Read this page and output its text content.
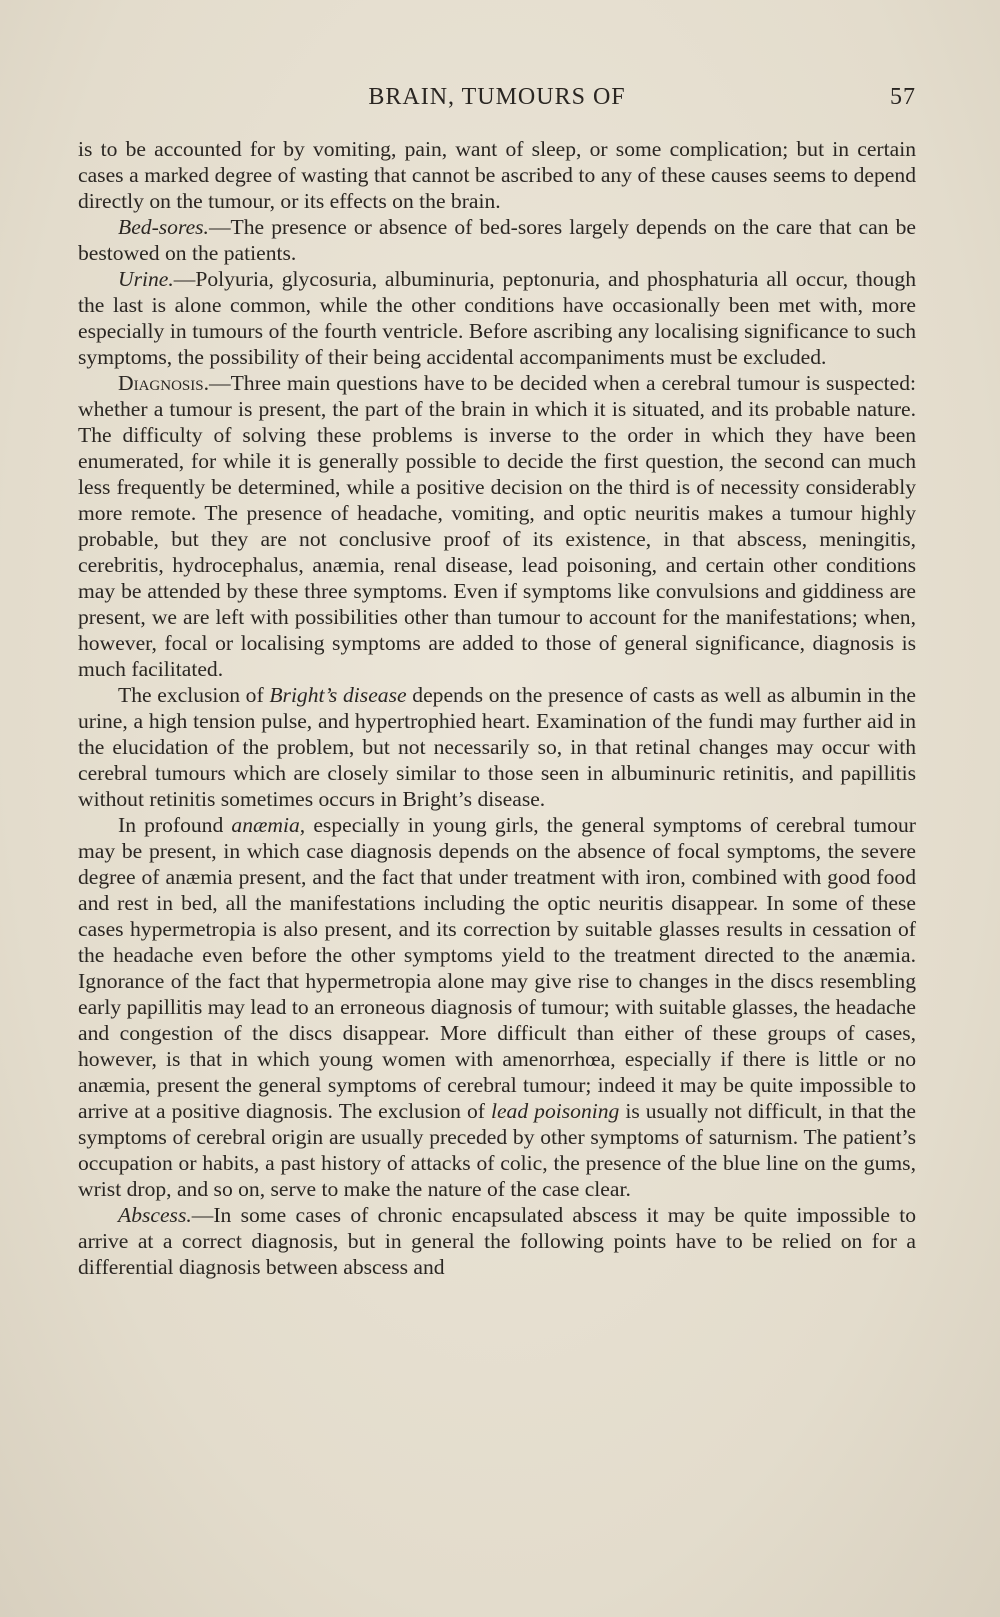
BRAIN, TUMOURS OF	57

is to be accounted for by vomiting, pain, want of sleep, or some complication; but in certain cases a marked degree of wasting that cannot be ascribed to any of these causes seems to depend directly on the tumour, or its effects on the brain.

Bed-sores.—The presence or absence of bed-sores largely depends on the care that can be bestowed on the patients.

Urine.—Polyuria, glycosuria, albuminuria, peptonuria, and phosphaturia all occur, though the last is alone common, while the other conditions have occasionally been met with, more especially in tumours of the fourth ventricle. Before ascribing any localising significance to such symptoms, the possibility of their being accidental accompaniments must be excluded.

Diagnosis.—Three main questions have to be decided when a cerebral tumour is suspected: whether a tumour is present, the part of the brain in which it is situated, and its probable nature. The difficulty of solving these problems is inverse to the order in which they have been enumerated, for while it is generally possible to decide the first question, the second can much less frequently be determined, while a positive decision on the third is of necessity considerably more remote. The presence of headache, vomiting, and optic neuritis makes a tumour highly probable, but they are not conclusive proof of its existence, in that abscess, meningitis, cerebritis, hydrocephalus, anæmia, renal disease, lead poisoning, and certain other conditions may be attended by these three symptoms. Even if symptoms like convulsions and giddiness are present, we are left with possibilities other than tumour to account for the manifestations; when, however, focal or localising symptoms are added to those of general significance, diagnosis is much facilitated.

The exclusion of Bright’s disease depends on the presence of casts as well as albumin in the urine, a high tension pulse, and hypertrophied heart. Examination of the fundi may further aid in the elucidation of the problem, but not necessarily so, in that retinal changes may occur with cerebral tumours which are closely similar to those seen in albuminuric retinitis, and papillitis without retinitis sometimes occurs in Bright’s disease.

In profound anæmia, especially in young girls, the general symptoms of cerebral tumour may be present, in which case diagnosis depends on the absence of focal symptoms, the severe degree of anæmia present, and the fact that under treatment with iron, combined with good food and rest in bed, all the manifestations including the optic neuritis disappear. In some of these cases hypermetropia is also present, and its correction by suitable glasses results in cessation of the headache even before the other symptoms yield to the treatment directed to the anæmia. Ignorance of the fact that hypermetropia alone may give rise to changes in the discs resembling early papillitis may lead to an erroneous diagnosis of tumour; with suitable glasses, the headache and congestion of the discs disappear. More difficult than either of these groups of cases, however, is that in which young women with amenorrhœa, especially if there is little or no anæmia, present the general symptoms of cerebral tumour; indeed it may be quite impossible to arrive at a positive diagnosis. The exclusion of lead poisoning is usually not difficult, in that the symptoms of cerebral origin are usually preceded by other symptoms of saturnism. The patient’s occupation or habits, a past history of attacks of colic, the presence of the blue line on the gums, wrist drop, and so on, serve to make the nature of the case clear.

Abscess.—In some cases of chronic encapsulated abscess it may be quite impossible to arrive at a correct diagnosis, but in general the following points have to be relied on for a differential diagnosis between abscess and
